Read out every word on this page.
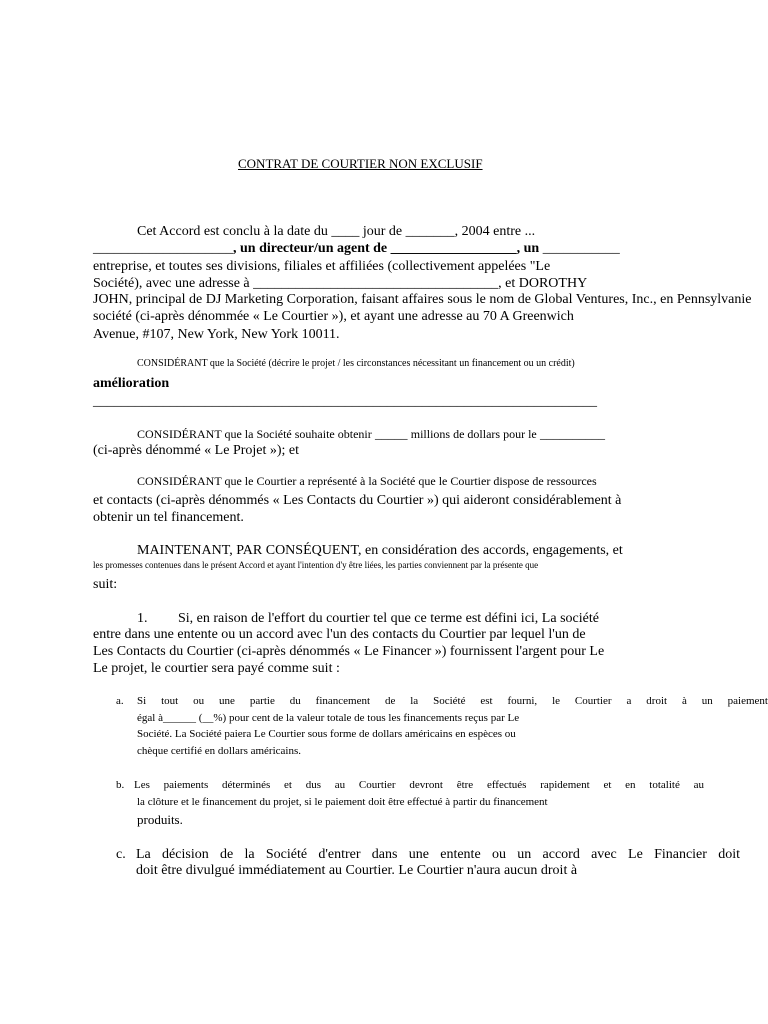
CONTRAT DE COURTIER NON EXCLUSIF
Cet Accord est conclu à la date du ____ jour de _______, 2004 entre ...
____________________, un directeur/un agent de __________________, un ___________
entreprise, et toutes ses divisions, filiales et affiliées (collectivement appelées "Le
Société), avec une adresse à ___________________________________, et DOROTHY
JOHN, principal de DJ Marketing Corporation, faisant affaires sous le nom de Global Ventures, Inc., en Pennsylvanie
société (ci-après dénommée « Le Courtier »), et ayant une adresse au 70 A Greenwich
Avenue, #107, New York, New York 10011.
CONSIDÉRANT que la Société (décrire le projet / les circonstances nécessitant un financement ou un crédit)
amélioration
________________________________________________________________________
CONSIDÉRANT que la Société souhaite obtenir _____ millions de dollars pour le __________
(ci-après dénommé « Le Projet »); et
CONSIDÉRANT que le Courtier a représenté à la Société que le Courtier dispose de ressources
et contacts (ci-après dénommés « Les Contacts du Courtier ») qui aideront considérablement à
obtenir un tel financement.
MAINTENANT, PAR CONSÉQUENT, en considération des accords, engagements, et
les promesses contenues dans le présent Accord et ayant l'intention d'y être liées, les parties conviennent par la présente que
suit:
1. Si, en raison de l'effort du courtier tel que ce terme est défini ici, La société
entre dans une entente ou un accord avec l'un des contacts du Courtier par lequel l'un de
Les Contacts du Courtier (ci-après dénommés « Le Financer ») fournissent l'argent pour Le
Le projet, le courtier sera payé comme suit :
a. Si tout ou une partie du financement de la Société est fourni, le Courtier a droit à un paiement
égal à______ (__%) pour cent de la valeur totale de tous les financements reçus par Le
Société. La Société paiera Le Courtier sous forme de dollars américains en espèces ou
chèque certifié en dollars américains.
b. Les paiements déterminés et dus au Courtier devront être effectués rapidement et en totalité au
la clôture et le financement du projet, si le paiement doit être effectué à partir du financement
produits.
c. La décision de la Société d'entrer dans une entente ou un accord avec Le Financier doit
doit être divulgué immédiatement au Courtier. Le Courtier n'aura aucun droit à
